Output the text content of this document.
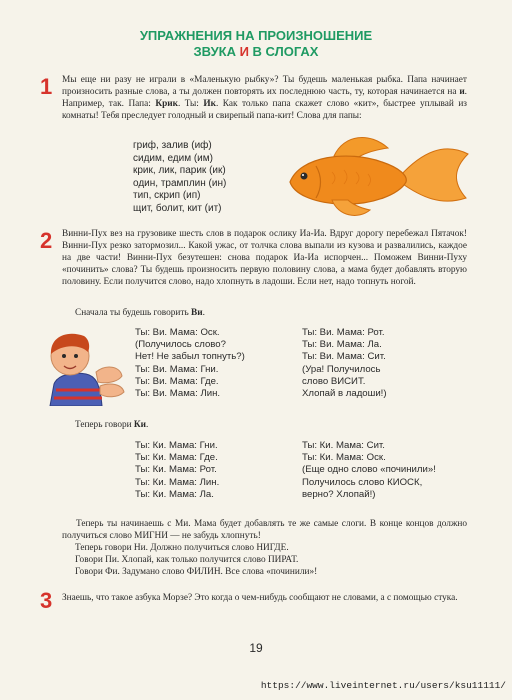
УПРАЖНЕНИЯ НА ПРОИЗНОШЕНИЕ
ЗВУКА И В СЛОГАХ
1 Мы еще ни разу не играли в «Маленькую рыбку»? Ты будешь маленькая рыбка. Папа начинает произносить разные слова, а ты должен повторять их последнюю часть, ту, которая начинается на и. Например, так. Папа: Крик. Ты: Ик. Как только папа скажет слово «кит», быстрее уплывай из комнаты! Тебя преследует голодный и свирепый папа-кит! Слова для папы:
гриф, залив (иф)
сидим, едим (им)
крик, лик, парик (ик)
один, трамплин (ин)
тип, скрип (ип)
щит, болит, кит (ит)
2 Винни-Пух вез на грузовике шесть слов в подарок ослику Иа-Иа. Вдруг дорогу перебежал Пятачок! Винни-Пух резко затормозил... Какой ужас, от толчка слова выпали из кузова и развалились, каждое на две части! Винни-Пух безутешен: снова подарок Иа-Иа испорчен... Поможем Винни-Пуху «починить» слова? Ты будешь произносить первую половину слова, а мама будет добавлять вторую половину. Если получится слово, надо хлопнуть в ладоши. Если нет, надо топнуть ногой.
Сначала ты будешь говорить Ви.
Ты: Ви. Мама: Оск.
(Получилось слово?
Нет! Не забыл топнуть?)
Ты: Ви. Мама: Гни.
Ты: Ви. Мама: Где.
Ты: Ви. Мама: Лин.
Ты: Ви. Мама: Рот.
Ты: Ви. Мама: Ла.
Ты: Ви. Мама: Сит.
(Ура! Получилось
слово ВИСИТ.
Хлопай в ладоши!)
Теперь говори Ки.
Ты: Ки. Мама: Гни.
Ты: Ки. Мама: Где.
Ты: Ки. Мама: Рот.
Ты: Ки. Мама: Лин.
Ты: Ки. Мама: Ла.
Ты: Ки. Мама: Сит.
Ты: Ки. Мама: Оск.
(Еще одно слово «починили»!
Получилось слово КИОСК,
верно? Хлопай!)
Теперь ты начинаешь с Ми. Мама будет добавлять те же самые слоги. В конце концов должно получиться слово МИГНИ — не забудь хлопнуть!
Теперь говори Ни. Должно получиться слово НИГДЕ.
Говори Пи. Хлопай, как только получится слово ПИРАТ.
Говори Фи. Задумано слово ФИЛИН. Все слова «починили»!
3 Знаешь, что такое азбука Морзе? Это когда о чем-нибудь сообщают не словами, а с помощью стука.
19
https://www.liveinternet.ru/users/ksu11111/
